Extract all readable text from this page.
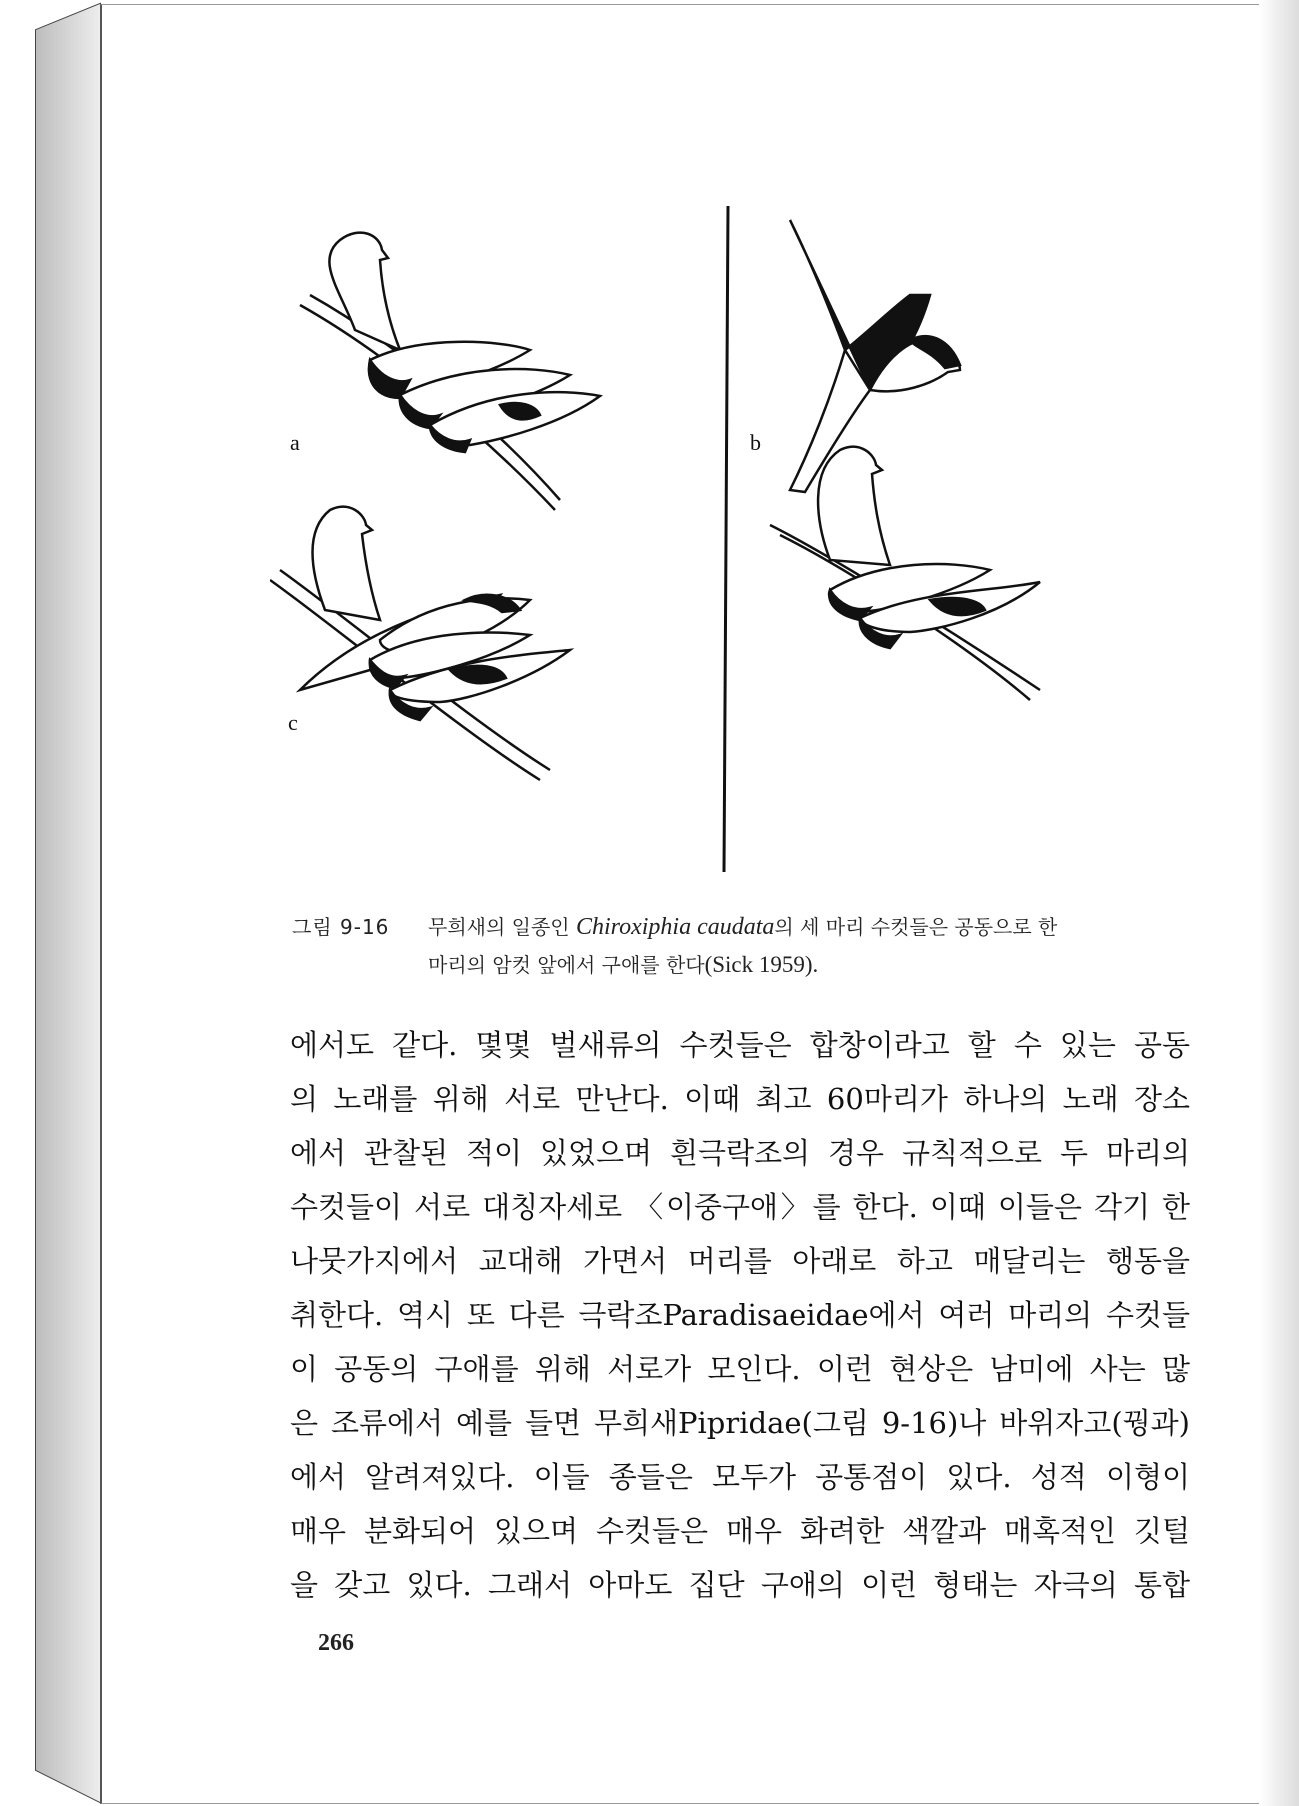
a	b
c
그림 9-16 무희새의 일종인 Chiroxiphia caudata의 세 마리 수컷들은 공동으로 한
마리의 암컷 앞에서 구애를 한다(Sick 1959).
에서도 같다. 몇몇 벌새류의 수컷들은 합창이라고 할 수 있는 공동
의 노래를 위해 서로 만난다. 이때 최고 60마리가 하나의 노래 장소
에서 관찰된 적이 있었으며 흰극락조의 경우 규칙적으로 두 마리의
수컷들이 서로 대칭자세로 〈이중구애〉를 한다. 이때 이들은 각기 한
나뭇가지에서 교대해 가면서 머리를 아래로 하고 매달리는 행동을
취한다. 역시 또 다른 극락조Paradisaeidae에서 여러 마리의 수컷들
이 공동의 구애를 위해 서로가 모인다. 이런 현상은 남미에 사는 많
은 조류에서 예를 들면 무희새Pipridae(그림 9-16)나 바위자고(꿩과)
에서 알려져있다. 이들 종들은 모두가 공통점이 있다. 성적 이형이
매우 분화되어 있으며 수컷들은 매우 화려한 색깔과 매혹적인 깃털
을 갖고 있다. 그래서 아마도 집단 구애의 이런 형태는 자극의 통합
266
